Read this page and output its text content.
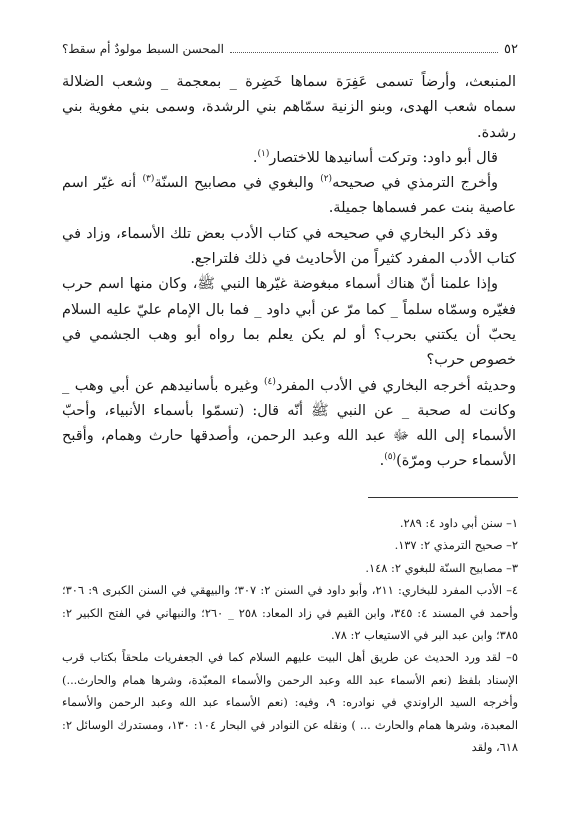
٥٢
المحسن السبط مولودٌ أم سقط؟

المنبعث، وأرضاً تسمى عَفِرَة سماها خَضِرة _ بمعجمة _ وشعب الضلالة سماه شعب الهدى، وبنو الزنية سمّاهم بني الرشدة، وسمى بني مغوية بني رشدة.

قال أبو داود: وتركت أسانيدها للاختصار$^{(١)}$.

وأخرج الترمذي في صحيحه$^{(٢)}$ والبغوي في مصابيح السنّة$^{(٣)}$ أنه غيّر اسم عاصية بنت عمر فسماها جميلة.

وقد ذكر البخاري في صحيحه في كتاب الأدب بعض تلك الأسماء، وزاد في كتاب الأدب المفرد كثيراً من الأحاديث في ذلك فلتراجع.

وإذا علمنا أنّ هناك أسماء مبغوضة غيّرها النبي ﷺ، وكان منها اسم حرب فغيّره وسمّاه سلماً _ كما مرّ عن أبي داود _ فما بال الإمام عليّ عليه السلام يحبّ أن يكتني بحرب؟ أو لم يكن يعلم بما رواه أبو وهب الجشمي في خصوص حرب؟

وحديثه أخرجه البخاري في الأدب المفرد$^{(٤)}$ وغيره بأسانيدهم عن أبي وهب _ وكانت له صحبة _ عن النبي ﷺ أنّه قال: (تسمّوا بأسماء الأنبياء، وأحبّ الأسماء إلى الله ﷻ عبد الله وعبد الرحمن، وأصدقها حارث وهمام، وأقبح الأسماء حرب ومرّة)$^{(٥)}$.

١– سنن أبي داود ٤: ٢٨٩.

٢– صحيح الترمذي ٢: ١٣٧.

٣– مصابيح السنّة للبغوي ٢: ١٤٨.

٤– الأدب المفرد للبخاري: ٢١١، وأبو داود في السنن ٢: ٣٠٧؛ والبيهقي في السنن الكبرى ٩: ٣٠٦؛ وأحمد في المسند ٤: ٣٤٥، وابن القيم في زاد المعاد: ٢٥٨ _ ٢٦٠؛ والنبهاني في الفتح الكبير ٢: ٣٨٥؛ وابن عبد البر في الاستيعاب ٢: ٧٨.

٥– لقد ورد الحديث عن طريق أهل البيت عليهم السلام كما في الجعفريات ملحقاً بكتاب قرب الإسناد بلفظ (نعم الأسماء عبد الله وعبد الرحمن والأسماء المعبّدة، وشرها همام والحارث...) وأخرجه السيد الراوندي في نوادره: ٩، وفيه: (نعم الأسماء عبد الله وعبد الرحمن والأسماء المعبدة، وشرها همام والحارث ... ) ونقله عن النوادر في البحار ١٠٤: ١٣٠، ومستدرك الوسائل ٢: ٦١٨، ولقد
